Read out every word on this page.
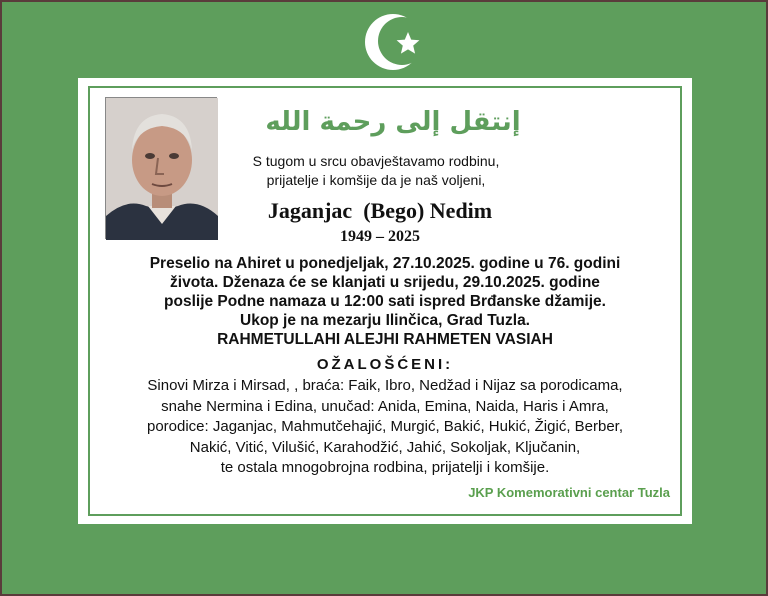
إنتقل إلى رحمة الله
S tugom u srcu obavještavamo rodbinu,
prijatelje i komšije da je naš voljeni,
Jaganjac  (Bego) Nedim
1949 – 2025
Preselio na Ahiret u ponedjeljak, 27.10.2025. godine u 76. godini
života. Dženaza će se klanjati u srijedu, 29.10.2025. godine
poslije Podne namaza u 12:00 sati ispred Brđanske džamije.
Ukop je na mezarju Ilinčica, Grad Tuzla.
RAHMETULLAHI ALEJHI RAHMETEN VASIAH
OŽALOŠĆENI:
Sinovi Mirza i Mirsad, , braća: Faik, Ibro, Nedžad i Nijaz sa porodicama,
snahe Nermina i Edina, unučad: Anida, Emina, Naida, Haris i Amra,
porodice: Jaganjac, Mahmutčehajić, Murgić, Bakić, Hukić, Žigić, Berber,
Nakić, Vitić, Vilušić, Karahodžić, Jahić, Sokoljak, Ključanin,
te ostala mnogobrojna rodbina, prijatelji i komšije.
JKP Komemorativni centar Tuzla
